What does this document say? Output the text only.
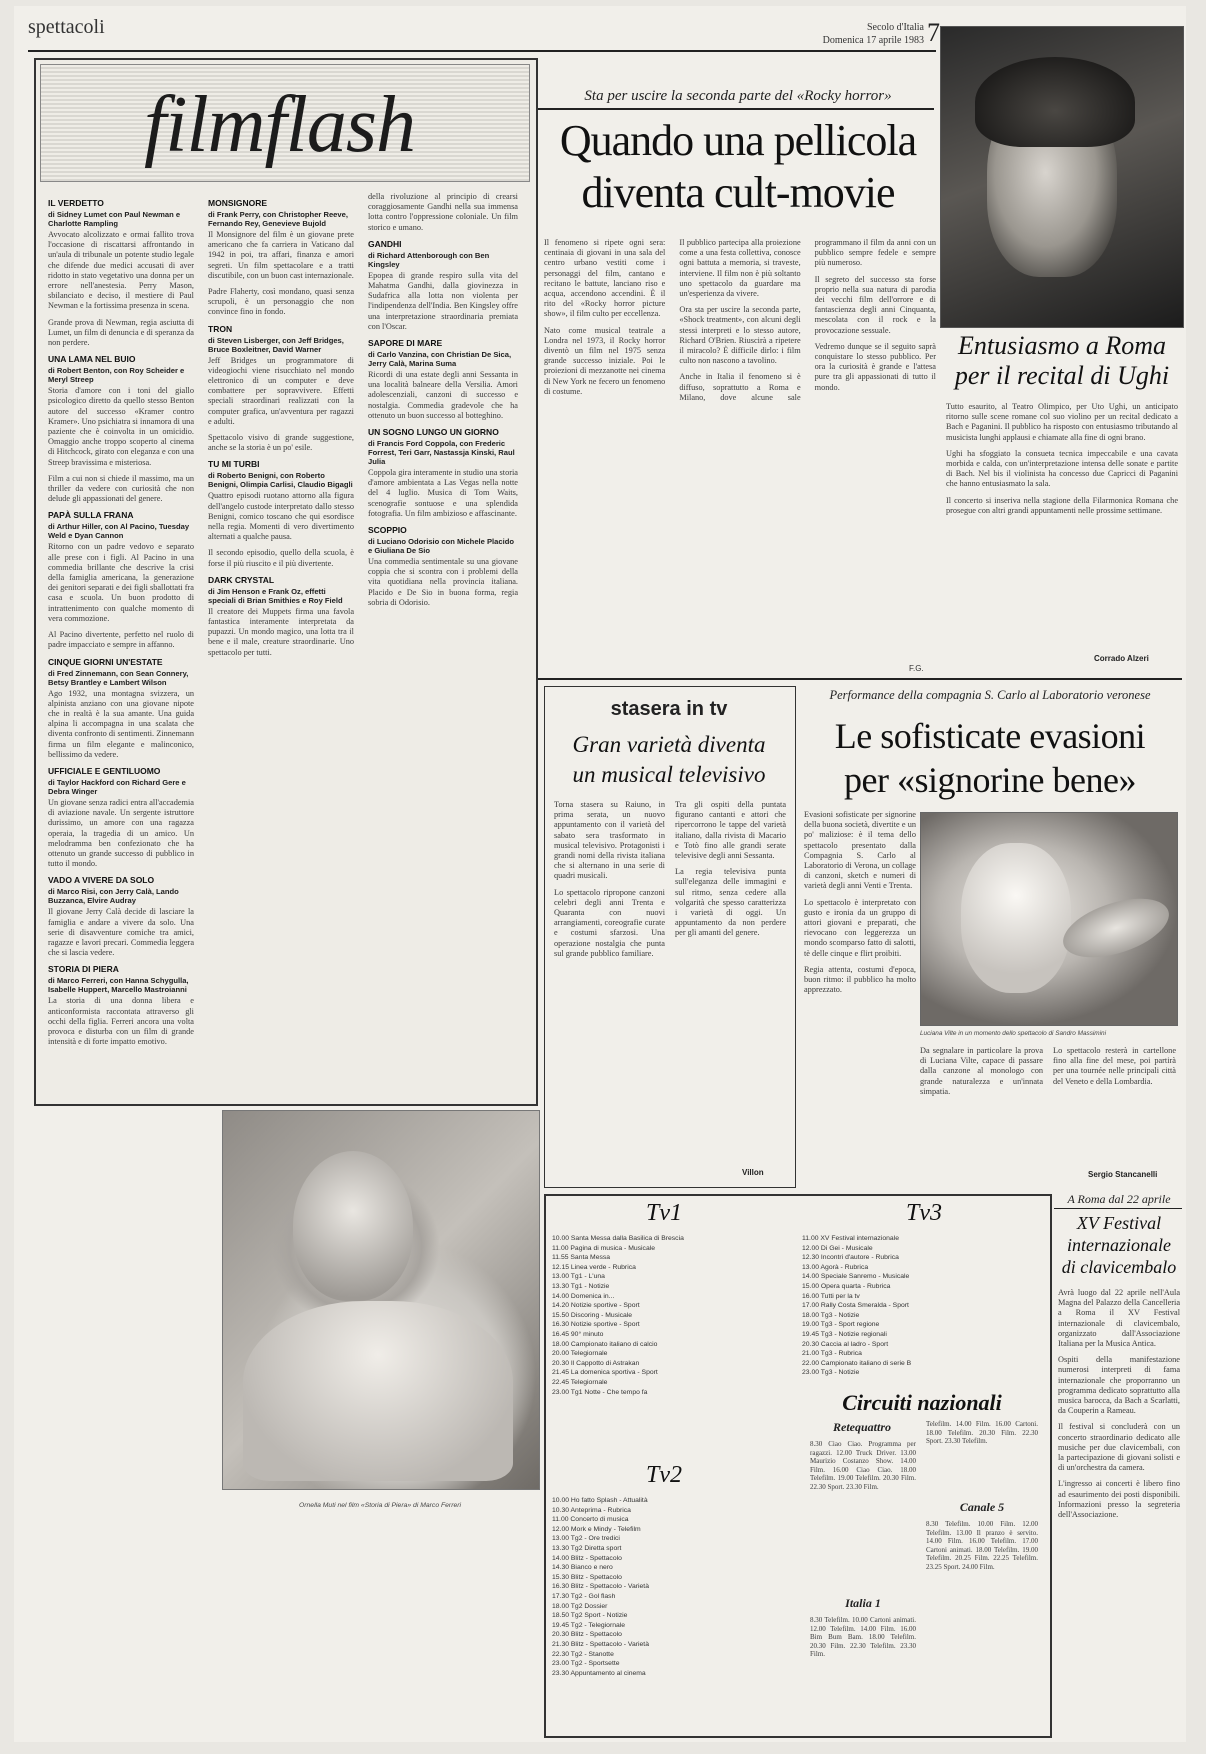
spettacoli	Secolo d'Italia
Domenica 17 aprile 1983 7
filmflash
IL VERDETTO
di Sidney Lumet con Paul Newman e Charlotte Rampling

Avvocato alcolizzato e ormai fallito trova l'occasione di riscattarsi affrontando in un'aula di tribunale un potente studio legale che difende due medici accusati di aver ridotto in stato vegetativo una donna per un errore nell'anestesia. Perry Mason, sbilanciato e deciso, il mestiere di Paul Newman e la fortissima presenza in scena.

Grande prova di Newman, regia asciutta di Lumet, un film di denuncia e di speranza da non perdere.

UNA LAMA NEL BUIO
di Robert Benton, con Roy Scheider e Meryl Streep

Storia d'amore con i toni del giallo psicologico diretto da quello stesso Benton autore del successo «Kramer contro Kramer». Uno psichiatra si innamora di una paziente che è coinvolta in un omicidio. Omaggio anche troppo scoperto al cinema di Hitchcock, girato con eleganza e con una Streep bravissima e misteriosa.

Film a cui non si chiede il massimo, ma un thriller da vedere con curiosità che non delude gli appassionati del genere.

PAPÀ SULLA FRANA
di Arthur Hiller, con Al Pacino, Tuesday Weld e Dyan Cannon

Ritorno con un padre vedovo e separato alle prese con i figli. Al Pacino in una commedia brillante che descrive la crisi della famiglia americana, la generazione dei genitori separati e dei figli sballottati fra casa e scuola. Un buon prodotto di intrattenimento con qualche momento di vera commozione.

Al Pacino divertente, perfetto nel ruolo di padre impacciato e sempre in affanno.

CINQUE GIORNI UN'ESTATE
di Fred Zinnemann, con Sean Connery, Betsy Brantley e Lambert Wilson

Ago 1932, una montagna svizzera, un alpinista anziano con una giovane nipote che in realtà è la sua amante. Una guida alpina li accompagna in una scalata che diventa confronto di sentimenti. Zinnemann firma un film elegante e malinconico, bellissimo da vedere.

UFFICIALE E GENTILUOMO
di Taylor Hackford con Richard Gere e Debra Winger

Un giovane senza radici entra all'accademia di aviazione navale. Un sergente istruttore durissimo, un amore con una ragazza operaia, la tragedia di un amico. Un melodramma ben confezionato che ha ottenuto un grande successo di pubblico in tutto il mondo.

VADO A VIVERE DA SOLO
di Marco Risi, con Jerry Calà, Lando Buzzanca, Elvire Audray

Il giovane Jerry Calà decide di lasciare la famiglia e andare a vivere da solo. Una serie di disavventure comiche tra amici, ragazze e lavori precari. Commedia leggera che si lascia vedere.

STORIA DI PIERA
di Marco Ferreri, con Hanna Schygulla, Isabelle Huppert, Marcello Mastroianni

La storia di una donna libera e anticonformista raccontata attraverso gli occhi della figlia. Ferreri ancora una volta provoca e disturba con un film di grande intensità e di forte impatto emotivo.

MONSIGNORE
di Frank Perry, con Christopher Reeve, Fernando Rey, Genevieve Bujold

Il Monsignore del film è un giovane prete americano che fa carriera in Vaticano dal 1942 in poi, tra affari, finanza e amori segreti. Un film spettacolare e a tratti discutibile, con un buon cast internazionale.

Padre Flaherty, così mondano, quasi senza scrupoli, è un personaggio che non convince fino in fondo.

TRON
di Steven Lisberger, con Jeff Bridges, Bruce Boxleitner, David Warner

Jeff Bridges un programmatore di videogiochi viene risucchiato nel mondo elettronico di un computer e deve combattere per sopravvivere. Effetti speciali straordinari realizzati con la computer grafica, un'avventura per ragazzi e adulti.

Spettacolo visivo di grande suggestione, anche se la storia è un po' esile.

TU MI TURBI
di Roberto Benigni, con Roberto Benigni, Olimpia Carlisi, Claudio Bigagli

Quattro episodi ruotano attorno alla figura dell'angelo custode interpretato dallo stesso Benigni, comico toscano che qui esordisce nella regia. Momenti di vero divertimento alternati a qualche pausa.

Il secondo episodio, quello della scuola, è forse il più riuscito e il più divertente.

DARK CRYSTAL
di Jim Henson e Frank Oz, effetti speciali di Brian Smithies e Roy Field

Il creatore dei Muppets firma una favola fantastica interamente interpretata da pupazzi. Un mondo magico, una lotta tra il bene e il male, creature straordinarie. Uno spettacolo per tutti.

della rivoluzione al principio di crearsi coraggiosamente Gandhi nella sua immensa lotta contro l'oppressione coloniale. Un film storico e umano.

GANDHI
di Richard Attenborough con Ben Kingsley

Epopea di grande respiro sulla vita del Mahatma Gandhi, dalla giovinezza in Sudafrica alla lotta non violenta per l'indipendenza dell'India. Ben Kingsley offre una interpretazione straordinaria premiata con l'Oscar.

SAPORE DI MARE
di Carlo Vanzina, con Christian De Sica, Jerry Calà, Marina Suma

Ricordi di una estate degli anni Sessanta in una località balneare della Versilia. Amori adolescenziali, canzoni di successo e nostalgia. Commedia gradevole che ha ottenuto un buon successo al botteghino.

UN SOGNO LUNGO UN GIORNO
di Francis Ford Coppola, con Frederic Forrest, Teri Garr, Nastassja Kinski, Raul Julia

Coppola gira interamente in studio una storia d'amore ambientata a Las Vegas nella notte del 4 luglio. Musica di Tom Waits, scenografie sontuose e una splendida fotografia. Un film ambizioso e affascinante.

SCOPPIO
di Luciano Odorisio con Michele Placido e Giuliana De Sio

Una commedia sentimentale su una giovane coppia che si scontra con i problemi della vita quotidiana nella provincia italiana. Placido e De Sio in buona forma, regia sobria di Odorisio.

Ornella Muti nel film «Storia di Piera» di Marco Ferreri
Sta per uscire la seconda parte del «Rocky horror»
Quando una pellicola
diventa cult-movie

Il fenomeno si ripete ogni sera: centinaia di giovani in una sala del centro urbano vestiti come i personaggi del film, cantano e recitano le battute, lanciano riso e acqua, accendono accendini. È il rito del «Rocky horror picture show», il film culto per eccellenza.

Nato come musical teatrale a Londra nel 1973, il Rocky horror diventò un film nel 1975 senza grande successo iniziale. Poi le proiezioni di mezzanotte nei cinema di New York ne fecero un fenomeno di costume.

Il pubblico partecipa alla proiezione come a una festa collettiva, conosce ogni battuta a memoria, si traveste, interviene. Il film non è più soltanto uno spettacolo da guardare ma un'esperienza da vivere.

Ora sta per uscire la seconda parte, «Shock treatment», con alcuni degli stessi interpreti e lo stesso autore, Richard O'Brien. Riuscirà a ripetere il miracolo? È difficile dirlo: i film culto non nascono a tavolino.

Anche in Italia il fenomeno si è diffuso, soprattutto a Roma e Milano, dove alcune sale programmano il film da anni con un pubblico sempre fedele e sempre più numeroso.

Il segreto del successo sta forse proprio nella sua natura di parodia dei vecchi film dell'orrore e di fantascienza degli anni Cinquanta, mescolata con il rock e la provocazione sessuale.

Vedremo dunque se il seguito saprà conquistare lo stesso pubblico. Per ora la curiosità è grande e l'attesa pure tra gli appassionati di tutto il mondo.

F.G.
Entusiasmo a Roma
per il recital di Ughi

Tutto esaurito, al Teatro Olimpico, per Uto Ughi, un anticipato ritorno sulle scene romane col suo violino per un recital dedicato a Bach e Paganini. Il pubblico ha risposto con entusiasmo tributando al musicista lunghi applausi e chiamate alla fine di ogni brano.

Ughi ha sfoggiato la consueta tecnica impeccabile e una cavata morbida e calda, con un'interpretazione intensa delle sonate e partite di Bach. Nel bis il violinista ha concesso due Capricci di Paganini che hanno entusiasmato la sala.

Il concerto si inseriva nella stagione della Filarmonica Romana che prosegue con altri grandi appuntamenti nelle prossime settimane.

Corrado Alzeri
stasera in tv
Gran varietà diventa
un musical televisivo

Torna stasera su Raiuno, in prima serata, un nuovo appuntamento con il varietà del sabato sera trasformato in musical televisivo. Protagonisti i grandi nomi della rivista italiana che si alternano in una serie di quadri musicali.

Lo spettacolo ripropone canzoni celebri degli anni Trenta e Quaranta con nuovi arrangiamenti, coreografie curate e costumi sfarzosi. Una operazione nostalgia che punta sul grande pubblico familiare.

Tra gli ospiti della puntata figurano cantanti e attori che ripercorrono le tappe del varietà italiano, dalla rivista di Macario e Totò fino alle grandi serate televisive degli anni Sessanta.

La regia televisiva punta sull'eleganza delle immagini e sul ritmo, senza cedere alla volgarità che spesso caratterizza i varietà di oggi. Un appuntamento da non perdere per gli amanti del genere.

Villon
Performance della compagnia S. Carlo al Laboratorio veronese
Le sofisticate evasioni
per «signorine bene»

Evasioni sofisticate per signorine della buona società, divertite e un po' maliziose: è il tema dello spettacolo presentato dalla Compagnia S. Carlo al Laboratorio di Verona, un collage di canzoni, sketch e numeri di varietà degli anni Venti e Trenta.

Lo spettacolo è interpretato con gusto e ironia da un gruppo di attori giovani e preparati, che rievocano con leggerezza un mondo scomparso fatto di salotti, tè delle cinque e flirt proibiti.

Regia attenta, costumi d'epoca, buon ritmo: il pubblico ha molto apprezzato.

Luciana Vilte in un momento dello spettacolo di Sandro Massimini

Da segnalare in particolare la prova di Luciana Vilte, capace di passare dalla canzone al monologo con grande naturalezza e un'innata simpatia.

Lo spettacolo resterà in cartellone fino alla fine del mese, poi partirà per una tournée nelle principali città del Veneto e della Lombardia.

Sergio Stancanelli
Tv1	Tv3
10.00 Santa Messa dalla Basilica di Brescia
11.00 Pagina di musica - Musicale
11.55 Santa Messa
12.15 Linea verde - Rubrica
13.00 Tg1 - L'una
13.30 Tg1 - Notizie
14.00 Domenica in...
14.20 Notizie sportive - Sport
15.50 Discoring - Musicale
16.30 Notizie sportive - Sport
16.45 90° minuto
18.00 Campionato italiano di calcio
20.00 Telegiornale
20.30 Il Cappotto di Astrakan
21.45 La domenica sportiva - Sport
22.45 Telegiornale
23.00 Tg1 Notte - Che tempo fa
11.00 XV Festival internazionale
12.00 Di Gei - Musicale
12.30 Incontri d'autore - Rubrica
13.00 Agorà - Rubrica
14.00 Speciale Sanremo - Musicale
15.00 Opera quarta - Rubrica
16.00 Tutti per la tv
17.00 Rally Costa Smeralda - Sport
18.00 Tg3 - Notizie
19.00 Tg3 - Sport regione
19.45 Tg3 - Notizie regionali
20.30 Caccia al ladro - Sport
21.00 Tg3 - Rubrica
22.00 Campionato italiano di serie B
23.00 Tg3 - Notizie
Tv2
10.00 Ho fatto Splash - Attualità
10.30 Anteprima - Rubrica
11.00 Concerto di musica
12.00 Mork e Mindy - Telefilm
13.00 Tg2 - Ore tredici
13.30 Tg2 Diretta sport
14.00 Blitz - Spettacolo
14.30 Bianco e nero
15.30 Blitz - Spettacolo
16.30 Blitz - Spettacolo - Varietà
17.30 Tg2 - Gol flash
18.00 Tg2 Dossier
18.50 Tg2 Sport - Notizie
19.45 Tg2 - Telegiornale
20.30 Blitz - Spettacolo
21.30 Blitz - Spettacolo - Varietà
22.30 Tg2 - Stanotte
23.00 Tg2 - Sportsette
23.30 Appuntamento al cinema
Circuiti nazionali
Retequattro

8.30 Ciao Ciao. Programma per ragazzi. 12.00 Truck Driver. 13.00 Maurizio Costanzo Show. 14.00 Film. 16.00 Ciao Ciao. 18.00 Telefilm. 19.00 Telefilm. 20.30 Film. 22.30 Sport. 23.30 Film.

Italia 1

8.30 Telefilm. 10.00 Cartoni animati. 12.00 Telefilm. 14.00 Film. 16.00 Bim Bum Bam. 18.00 Telefilm. 20.30 Film. 22.30 Telefilm. 23.30 Film.

Telefilm. 14.00 Film. 16.00 Cartoni. 18.00 Telefilm. 20.30 Film. 22.30 Sport. 23.30 Telefilm.

Canale 5

8.30 Telefilm. 10.00 Film. 12.00 Telefilm. 13.00 Il pranzo è servito. 14.00 Film. 16.00 Telefilm. 17.00 Cartoni animati. 18.00 Telefilm. 19.00 Telefilm. 20.25 Film. 22.25 Telefilm. 23.25 Sport. 24.00 Film.

A Roma dal 22 aprile
XV Festival
internazionale
di clavicembalo

Avrà luogo dal 22 aprile nell'Aula Magna del Palazzo della Cancelleria a Roma il XV Festival internazionale di clavicembalo, organizzato dall'Associazione Italiana per la Musica Antica.

Ospiti della manifestazione numerosi interpreti di fama internazionale che proporranno un programma dedicato soprattutto alla musica barocca, da Bach a Scarlatti, da Couperin a Rameau.

Il festival si concluderà con un concerto straordinario dedicato alle musiche per due clavicembali, con la partecipazione di giovani solisti e di un'orchestra da camera.

L'ingresso ai concerti è libero fino ad esaurimento dei posti disponibili. Informazioni presso la segreteria dell'Associazione.
